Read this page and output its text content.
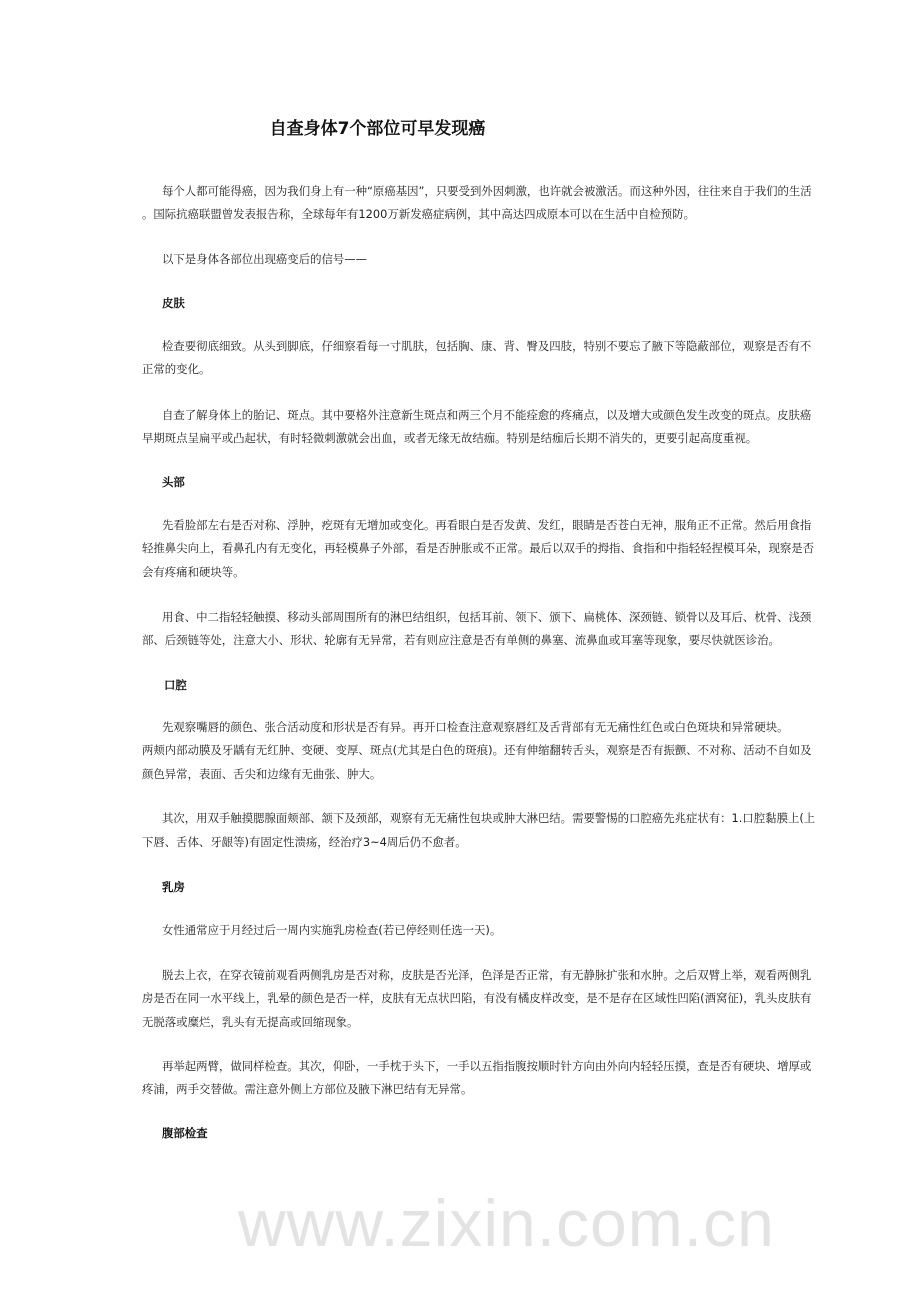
www.zixin.com.cn
自查身体7个部位可早发现癌
每个人都可能得癌，因为我们身上有一种“原癌基因”，只要受到外因刺激，也许就会被激活。而这种外因，往往来自于我们的生活
。国际抗癌联盟曾发表报告称，全球每年有1200万新发癌症病例，其中高达四成原本可以在生活中自检预防。
以下是身体各部位出现癌变后的信号——
皮肤
检查要彻底细致。从头到脚底，仔细察看每一寸肌肤，包括胸、康、背、臀及四肢，特别不要忘了腋下等隐蔽部位，观察是否有不
正常的变化。
自查了解身体上的胎记、斑点。其中要格外注意新生斑点和两三个月不能痊愈的疼痛点，以及增大或颜色发生改变的斑点。皮肤癌
早期斑点呈扁平或凸起状，有时轻微刺激就会出血，或者无缘无故结痂。特别是结痂后长期不消失的，更要引起高度重视。
头部
先看脸部左右是否对称、浮肿，疙斑有无增加或变化。再看眼白是否发黄、发红，眼睛是否苍白无神，服角正不正常。然后用食指
轻推鼻尖向上，看鼻孔内有无变化，再轻模鼻子外部，看是否肿胀或不正常。最后以双手的拇指、食指和中指轻轻捏模耳朵，现察是否
会有疼痛和硬块等。
用食、中二指轻轻触摸、移动头部周围所有的淋巴结组织，包括耳前、领下、颁下、扁桃体、深颈链、锁骨以及耳后、枕骨、浅颈
部、后颈链等处，注意大小、形状、轮廓有无异常，若有则应注意是否有单侧的鼻塞、流鼻血或耳塞等现象，要尽快就医诊治。
口腔
先观察嘴唇的颜色、张合活动度和形状是否有异。再开口检查注意观察唇红及舌背部有无无痛性红色或白色斑块和异常硬块。
两颊内部动膜及牙龋有无红肿、变硬、变厚、斑点(尤其是白色的斑痕)。还有伸缩翻转舌头，观察是否有振颤、不对称、活动不自如及
颜色异常，表面、舌尖和边缘有无曲张、肿大。
其次，用双手触摸腮腺面颊部、颔下及颈部，观察有无无痛性包块或肿大淋巴结。需要警惕的口腔癌先兆症状有：1.口腔黏膜上(上
下唇、舌体、牙龈等)有固定性溃疡，经治疗3~4周后仍不愈者。
乳房
女性通常应于月经过后一周内实施乳房检查(若已停经则任选一天)。
脱去上衣，在穿衣镜前观看两侧乳房是否对称，皮肤是否光泽，色泽是否正常，有无静脉扩张和水肿。之后双臂上举，观看两侧乳
房是否在同一水平线上，乳晕的颜色是否一样，皮肤有无点状凹陷，有没有橘皮样改变，是不是存在区域性凹陷(酒窝征)，乳头皮肤有
无脱落或糜烂，乳头有无提高或回缩现象。
再举起两臂，做同样检查。其次，仰卧，一手枕于头下，一手以五指指腹按顺时针方向由外向内轻轻压摸，查是否有硬块、增厚或
疼浦，两手交替做。需注意外侧上方部位及腋下淋巴结有无异常。
腹部检查
